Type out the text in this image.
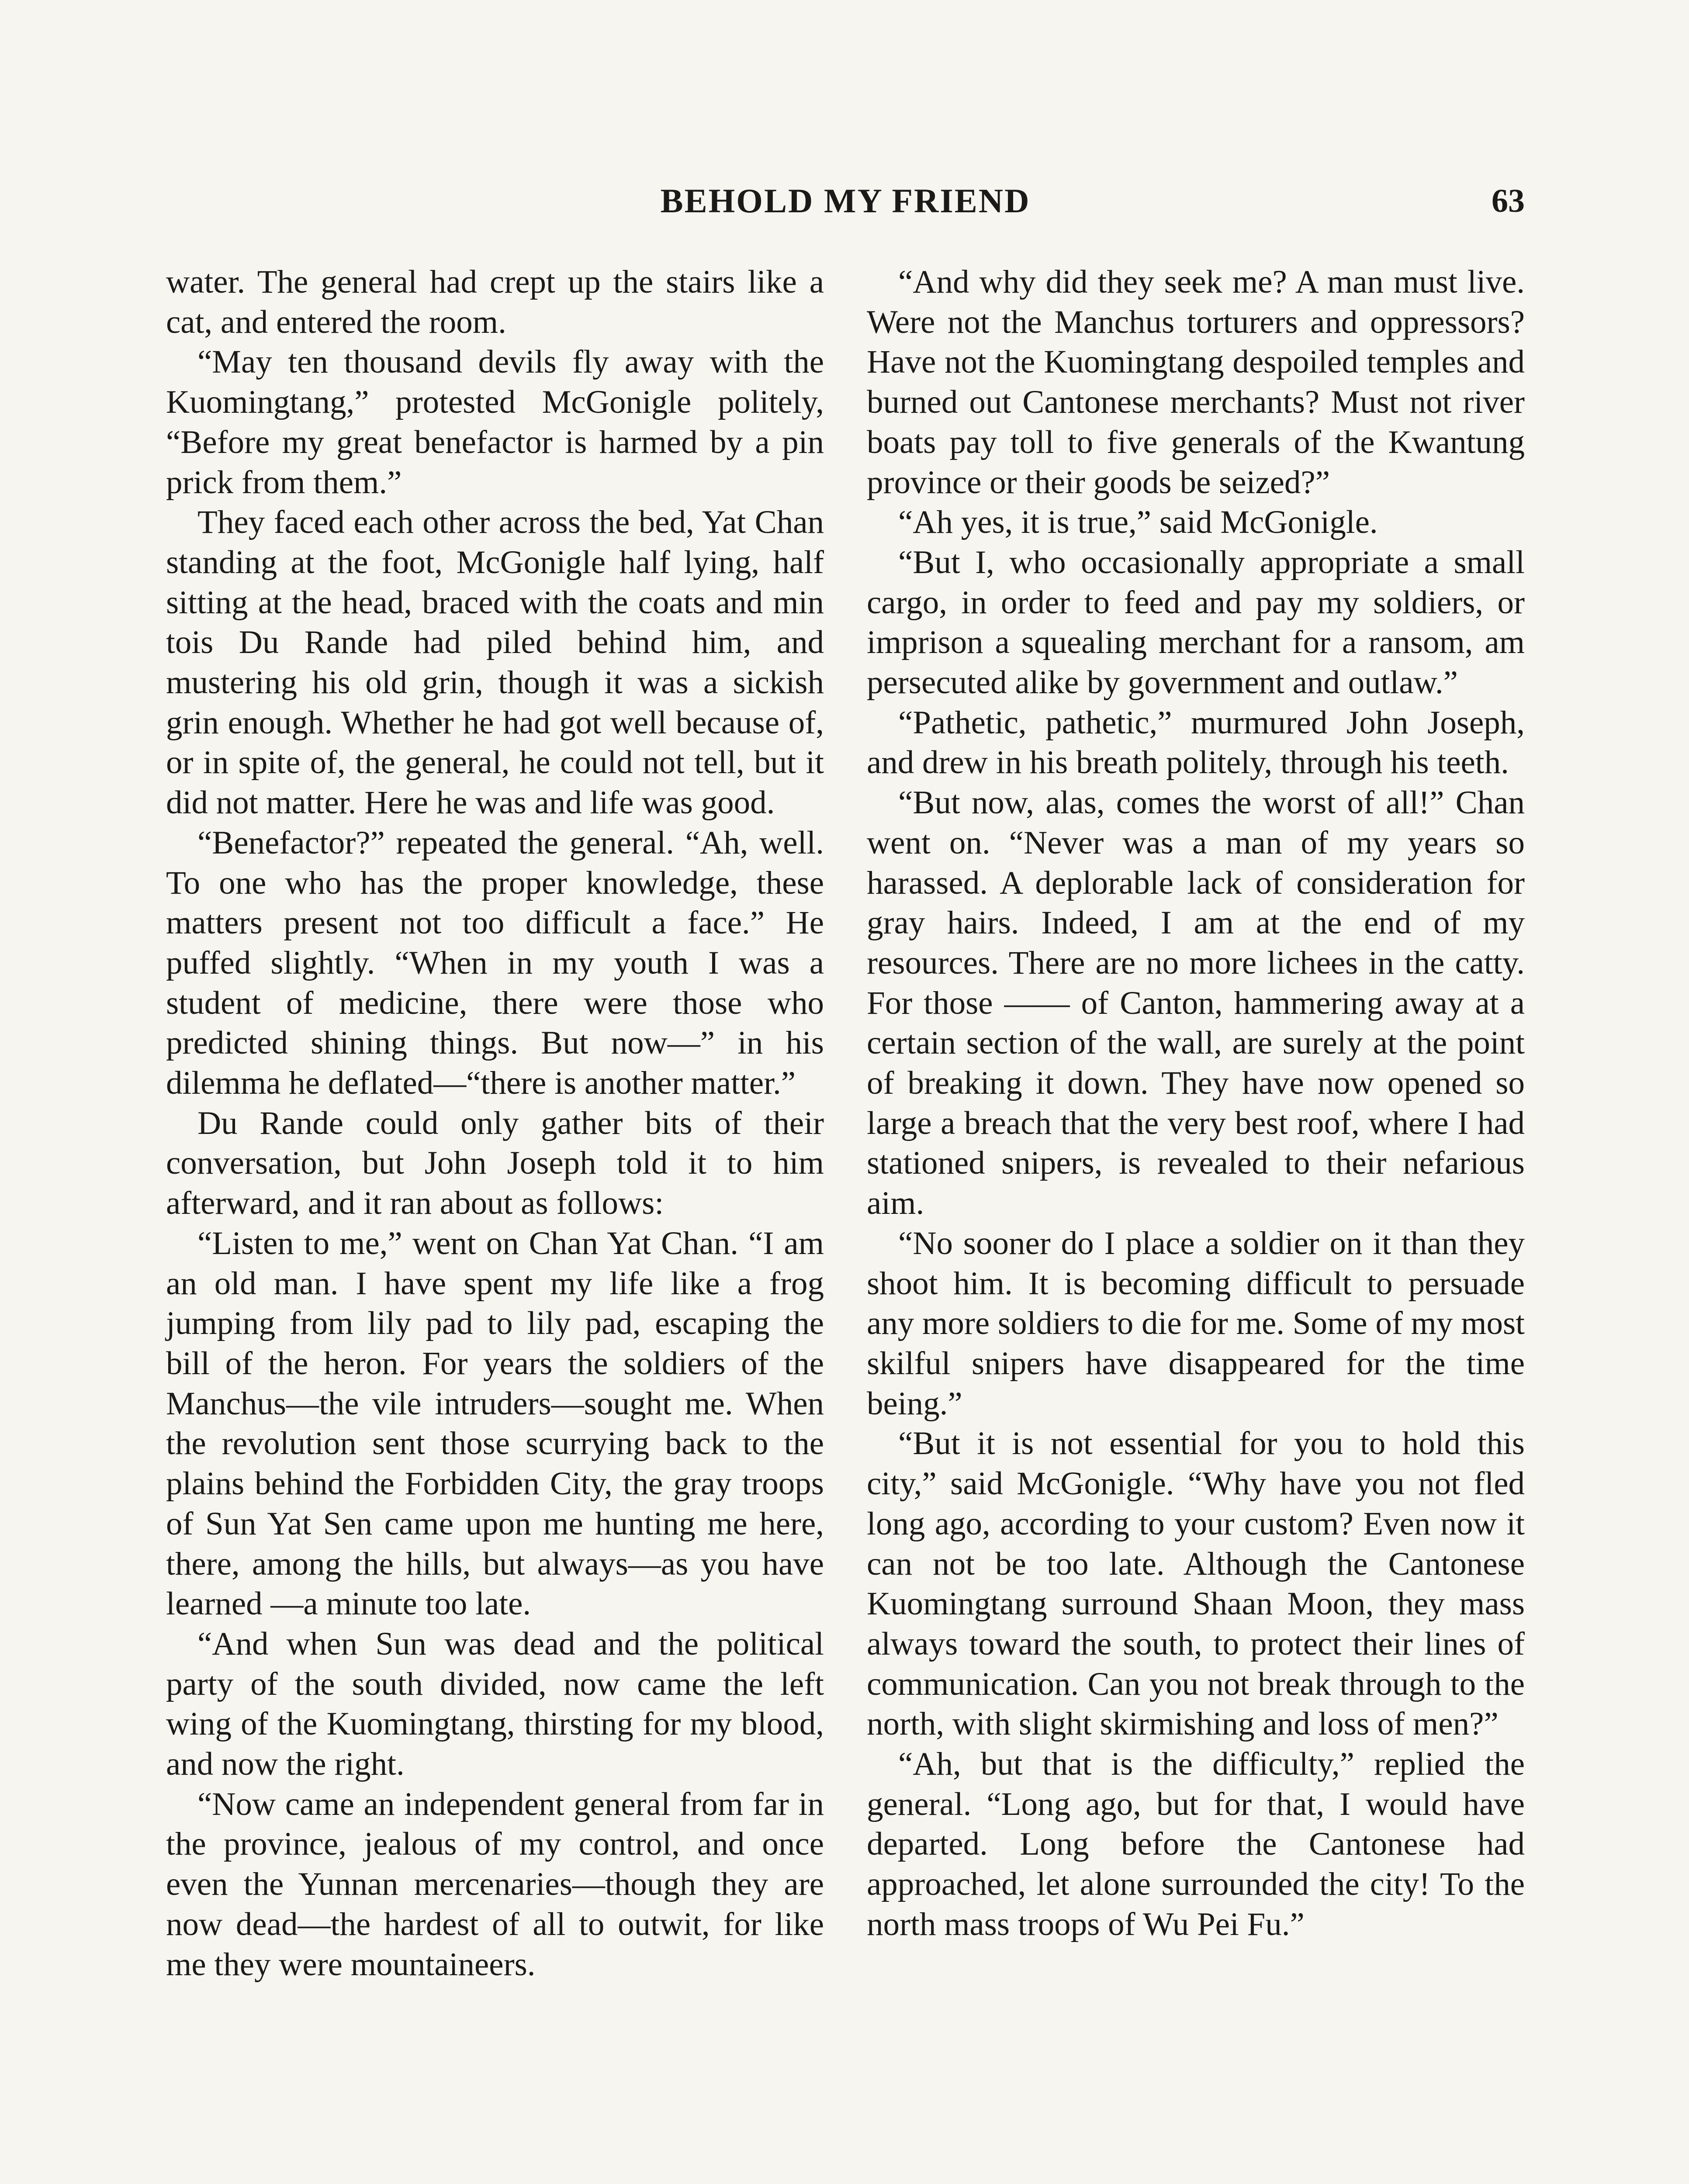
BEHOLD MY FRIEND	63

water. The general had crept up the stairs like a cat, and entered the room.

“May ten thousand devils fly away with the Kuomingtang,” protested McGonigle politely, “Before my great benefactor is harmed by a pin prick from them.”

They faced each other across the bed, Yat Chan standing at the foot, McGonigle half lying, half sitting at the head, braced with the coats and min tois Du Rande had piled behind him, and mustering his old grin, though it was a sickish grin enough. Whether he had got well because of, or in spite of, the general, he could not tell, but it did not matter. Here he was and life was good.

“Benefactor?” repeated the general. “Ah, well. To one who has the proper knowledge, these matters present not too difficult a face.” He puffed slightly. “When in my youth I was a student of medicine, there were those who predicted shining things. But now—” in his dilemma he deflated—“there is another matter.”

Du Rande could only gather bits of their conversation, but John Joseph told it to him afterward, and it ran about as follows:

“Listen to me,” went on Chan Yat Chan. “I am an old man. I have spent my life like a frog jumping from lily pad to lily pad, escaping the bill of the heron. For years the soldiers of the Manchus—the vile intruders—sought me. When the revolution sent those scurrying back to the plains behind the Forbidden City, the gray troops of Sun Yat Sen came upon me hunting me here, there, among the hills, but always—as you have learned —a minute too late.

“And when Sun was dead and the political party of the south divided, now came the left wing of the Kuomingtang, thirsting for my blood, and now the right.

“Now came an independent general from far in the province, jealous of my control, and once even the Yunnan mercenaries—though they are now dead—the hardest of all to outwit, for like me they were mountaineers.

“And why did they seek me? A man must live. Were not the Manchus torturers and oppressors? Have not the Kuomingtang despoiled temples and burned out Cantonese merchants? Must not river boats pay toll to five generals of the Kwantung province or their goods be seized?”

“Ah yes, it is true,” said McGonigle.

“But I, who occasionally appropriate a small cargo, in order to feed and pay my soldiers, or imprison a squealing merchant for a ransom, am persecuted alike by government and outlaw.”

“Pathetic, pathetic,” murmured John Joseph, and drew in his breath politely, through his teeth.

“But now, alas, comes the worst of all!” Chan went on. “Never was a man of my years so harassed. A deplorable lack of consideration for gray hairs. Indeed, I am at the end of my resources. There are no more lichees in the catty. For those —— of Canton, hammering away at a certain section of the wall, are surely at the point of breaking it down. They have now opened so large a breach that the very best roof, where I had stationed snipers, is revealed to their nefarious aim.

“No sooner do I place a soldier on it than they shoot him. It is becoming difficult to persuade any more soldiers to die for me. Some of my most skilful snipers have disappeared for the time being.”

“But it is not essential for you to hold this city,” said McGonigle. “Why have you not fled long ago, according to your custom? Even now it can not be too late. Although the Cantonese Kuomingtang surround Shaan Moon, they mass always toward the south, to protect their lines of communication. Can you not break through to the north, with slight skirmishing and loss of men?”

“Ah, but that is the difficulty,” replied the general. “Long ago, but for that, I would have departed. Long before the Cantonese had approached, let alone surrounded the city! To the north mass troops of Wu Pei Fu.”
